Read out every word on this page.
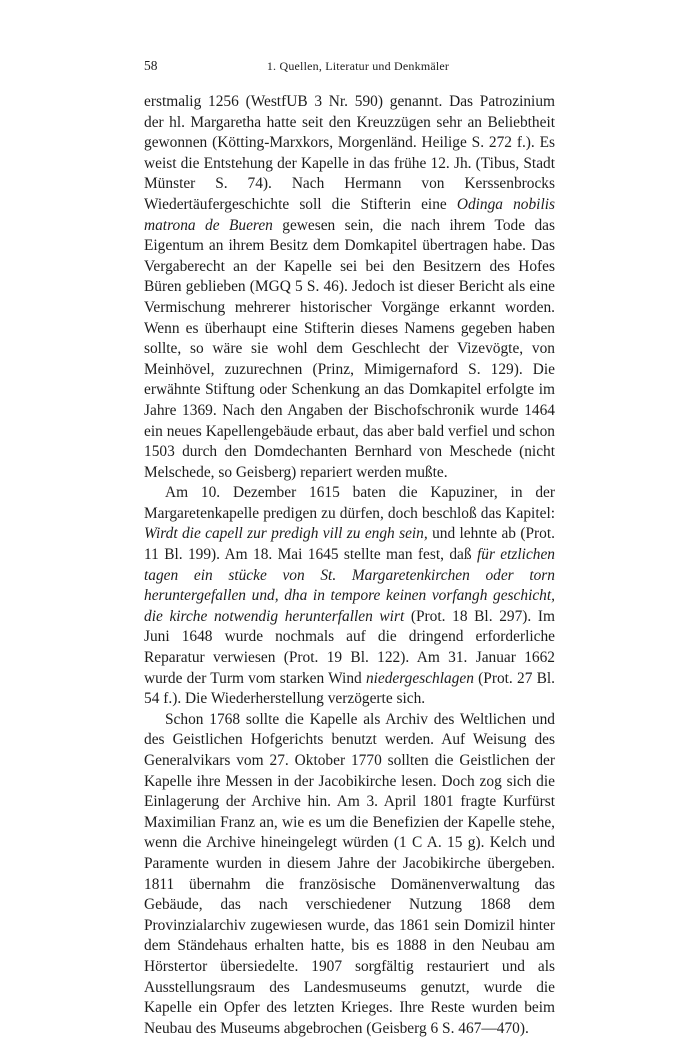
58	1. Quellen, Literatur und Denkmäler

erstmalig 1256 (WestfUB 3 Nr. 590) genannt. Das Patrozinium der hl. Margaretha hatte seit den Kreuzzügen sehr an Beliebtheit gewonnen (Kötting-Marxkors, Morgenländ. Heilige S. 272 f.). Es weist die Entstehung der Kapelle in das frühe 12. Jh. (Tibus, Stadt Münster S. 74). Nach Hermann von Kerssenbrocks Wiedertäufergeschichte soll die Stifterin eine Odinga nobilis matrona de Bueren gewesen sein, die nach ihrem Tode das Eigentum an ihrem Besitz dem Domkapitel übertragen habe. Das Vergaberecht an der Kapelle sei bei den Besitzern des Hofes Büren geblieben (MGQ 5 S. 46). Jedoch ist dieser Bericht als eine Vermischung mehrerer historischer Vorgänge erkannt worden. Wenn es überhaupt eine Stifterin dieses Namens gegeben haben sollte, so wäre sie wohl dem Geschlecht der Vizevögte, von Meinhövel, zuzurechnen (Prinz, Mimigernaford S. 129). Die erwähnte Stiftung oder Schenkung an das Domkapitel erfolgte im Jahre 1369. Nach den Angaben der Bischofschronik wurde 1464 ein neues Kapellengebäude erbaut, das aber bald verfiel und schon 1503 durch den Domdechanten Bernhard von Meschede (nicht Melschede, so Geisberg) repariert werden mußte.

Am 10. Dezember 1615 baten die Kapuziner, in der Margaretenkapelle predigen zu dürfen, doch beschloß das Kapitel: Wirdt die capell zur predigh vill zu engh sein, und lehnte ab (Prot. 11 Bl. 199). Am 18. Mai 1645 stellte man fest, daß für etzlichen tagen ein stücke von St. Margaretenkirchen oder torn heruntergefallen und, dha in tempore keinen vorfangh geschicht, die kirche notwendig herunterfallen wirt (Prot. 18 Bl. 297). Im Juni 1648 wurde nochmals auf die dringend erforderliche Reparatur verwiesen (Prot. 19 Bl. 122). Am 31. Januar 1662 wurde der Turm vom starken Wind niedergeschlagen (Prot. 27 Bl. 54 f.). Die Wiederherstellung verzögerte sich.

Schon 1768 sollte die Kapelle als Archiv des Weltlichen und des Geistlichen Hofgerichts benutzt werden. Auf Weisung des Generalvikars vom 27. Oktober 1770 sollten die Geistlichen der Kapelle ihre Messen in der Jacobikirche lesen. Doch zog sich die Einlagerung der Archive hin. Am 3. April 1801 fragte Kurfürst Maximilian Franz an, wie es um die Benefizien der Kapelle stehe, wenn die Archive hineingelegt würden (1 C A. 15 g). Kelch und Paramente wurden in diesem Jahre der Jacobikirche übergeben. 1811 übernahm die französische Domänenverwaltung das Gebäude, das nach verschiedener Nutzung 1868 dem Provinzialarchiv zugewiesen wurde, das 1861 sein Domizil hinter dem Ständehaus erhalten hatte, bis es 1888 in den Neubau am Hörstertor übersiedelte. 1907 sorgfältig restauriert und als Ausstellungsraum des Landesmuseums genutzt, wurde die Kapelle ein Opfer des letzten Krieges. Ihre Reste wurden beim Neubau des Museums abgebrochen (Geisberg 6 S. 467—470).
